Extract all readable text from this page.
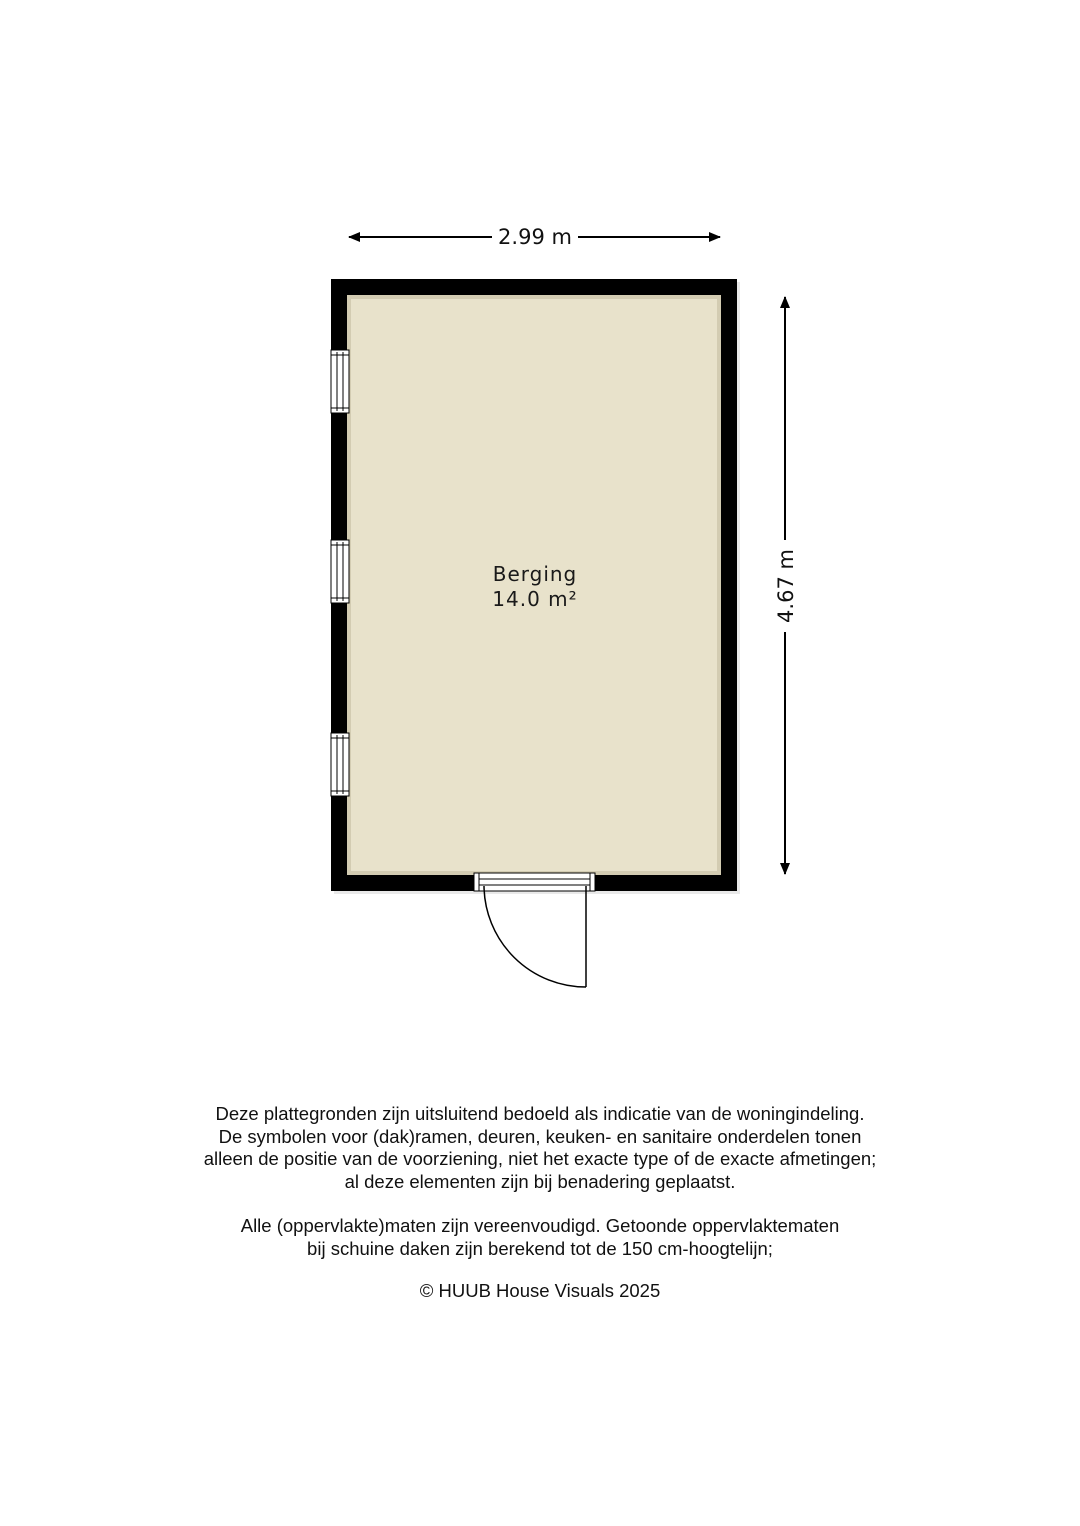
2.99 m
4.67 m
Berging
14.0 m²
Deze plattegronden zijn uitsluitend bedoeld als indicatie van de woningindeling.
De symbolen voor (dak)ramen, deuren, keuken- en sanitaire onderdelen tonen
alleen de positie van de voorziening, niet het exacte type of de exacte afmetingen;
al deze elementen zijn bij benadering geplaatst.
Alle (oppervlakte)maten zijn vereenvoudigd. Getoonde oppervlaktematen
bij schuine daken zijn berekend tot de 150 cm-hoogtelijn;
© HUUB House Visuals 2025
